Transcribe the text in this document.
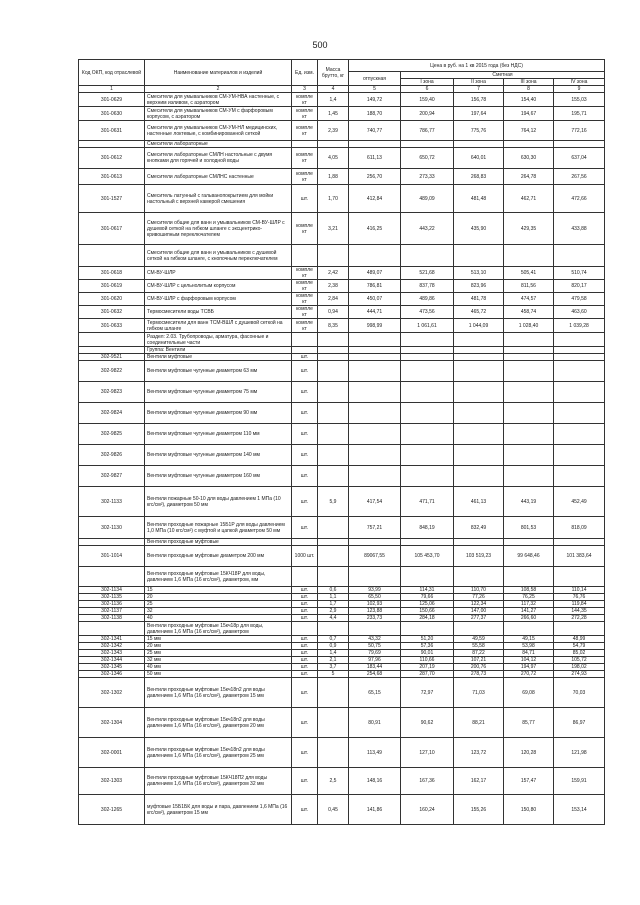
500
Код ОКП, код отраслевой	Наименование материалов и изделий	Ед. изм.	Масса брутто, кг	Цена в руб. на 1 кв 2015 года (без НДС)				
				отпускная	Сметная			
					I зона	II зона	III зона	IV зона
1	2	3	4	5	6	7	8	9
301-0629	Смесители для умывальников СМ-УМ-НВА настенные, с верхним изливом, с аэратором	компле кт	1,4	149,72	159,40	156,78	154,40	155,03
301-0630	Смесители для умывальников СМ-УМ с фарфоровым корпусом, с аэратором	компле кт	1,45	188,70	200,94	197,64	194,67	195,71
301-0631	Смесители для умывальников СМ-УМ-НЛ медицинских, настенные локтевые, с комбинированной сеткой	компле кт	2,39	740,77	786,77	775,76	764,12	772,16
	Смесители лабораторные							
301-0612	Смесители лабораторные СМЛН настольные с двумя кнопками для горячей и холодной воды	компле кт	4,05	611,13	650,72	640,01	630,30	637,04
301-0613	Смесители лабораторные СМЛНС настенные	компле кт	1,88	256,70	273,33	268,83	264,78	267,56
301-1527	Смеситель латунный с гальванопокрытием для мойки настольный с верхней камерой смешения	шт.	1,70	412,84	489,09	481,48	462,71	472,66
301-0617	Смесители общие для ванн и умывальников СМ-ВУ-ШЛР с душевой сеткой на гибком шланге с эксцентрико-кривошипным переключателем	компле кт	3,21	416,25	443,22	435,90	429,35	433,88
	Смесители общие для ванн и умывальников с душевой сеткой на гибком шланге, с кнопочным переключателем							
301-0618	СМ-ВУ-ШЛР	компле кт	2,42	489,07	521,68	513,10	505,41	510,74
301-0619	СМ-ВУ-ШЛР с цельнолитым корпусом	компле кт	2,38	786,81	837,78	823,96	811,56	820,17
301-0620	СМ-ВУ-ШЛР с фарфоровым корпусом	компле кт	2,84	450,07	489,86	481,78	474,57	479,58
301-0632	Термосмесители воды ТСВБ	компле кт	0,94	444,71	473,56	465,72	458,74	463,60
301-0633	Термосмесители для ванн ТСМ-ВШЛ с душевой сеткой на гибком шланге	компле кт	8,35	998,99	1 061,61	1 044,09	1 028,40	1 039,28
	Раздел: 2.03. Трубопроводы, арматура, фасонные и соединительные части							
	Группа: Вентили							
302-9521	Вентили муфтовые	шт.						
302-9822	Вентили муфтовые чугунные диаметром 63 мм	шт.						
302-9823	Вентили муфтовые чугунные диаметром 75 мм	шт.						
302-9824	Вентили муфтовые чугунные диаметром 90 мм	шт.						
302-9825	Вентили муфтовые чугунные диаметром 110 мм	шт.						
302-9826	Вентили муфтовые чугунные диаметром 140 мм	шт.						
302-9827	Вентили муфтовые чугунные диаметром 160 мм	шт.						
302-1133	Вентили пожарные 50-10 для воды давлением 1 МПа (10 кгс/см²), диаметром 50 мм	шт.	5,9	417,54	471,71	461,13	443,19	452,49
302-1130	Вентили проходные пожарные 15Б1Р для воды давлением 1,0 МПа (10 кгс/см²) с муфтой и цапкой диаметром 50 мм	шт.		757,21	848,19	832,49	801,53	818,09
	Вентили проходные муфтовые							
301-1014	Вентили проходные муфтовые диаметром 200 мм	1000 шт.		89067,55	105 453,70	103 519,23	99 648,46	101 383,64
	Вентили проходные муфтовые 15КЧ18Р для воды, давлением 1,6 МПа (16 кгс/см²), диаметром, мм							
302-1134	15	шт.	0,6	93,99	114,31	110,70	108,58	110,14
302-1135	20	шт.	1,1	65,50	79,66	77,26	76,25	76,76
302-1136	25	шт.	1,7	102,93	125,06	122,34	117,32	119,84
302-1137	32	шт.	2,9	123,88	150,66	147,00	141,27	144,35
302-1138	40	шт.	4,4	233,73	284,18	277,37	266,60	272,28
	Вентили проходные муфтовые 15кч18р для воды, давлением 1,6 МПа (16 кгс/см²), диаметром							
302-1341	15 мм	шт.	0,7	43,32	51,20	49,59	49,15	48,99
302-1342	20 мм	шт.	0,9	50,75	57,36	55,58	53,98	54,79
302-1343	25 мм	шт.	1,4	79,69	90,01	87,22	84,71	85,02
302-1344	32 мм	шт.	2,1	97,96	110,66	107,21	104,12	105,72
302-1345	40 мм	шт.	3,7	183,44	207,19	200,76	194,97	198,02
302-1346	50 мм	шт.	5	254,68	287,70	278,73	270,72	274,93
302-1302	Вентили проходные муфтовые 15кч18п2 для воды давлением 1,6 МПа (16 кгс/см²), диаметром 15 мм	шт.		65,15	72,97	71,03	69,08	70,03
302-1304	Вентили проходные муфтовые 15кч18п2 для воды давлением 1,6 МПа (16 кгс/см²), диаметром 20 мм	шт.		80,91	90,62	88,21	85,77	86,97
302-0001	Вентили проходные муфтовые 15кч18п2 для воды давлением 1,6 МПа (16 кгс/см²), диаметром 25 мм	шт.		113,49	127,10	123,72	120,28	121,98
302-1303	Вентили проходные муфтовые 15КЧ18П2 для воды давлением 1,6 МПа (16 кгс/см²), диаметром 32 мм	шт.	2,5	148,16	167,36	162,17	157,47	159,91
302-1265	муфтовые 15Б1БК для воды и пара, давлением 1,6 МПа (16 кгс/см²), диаметром 15 мм	шт.	0,45	141,86	160,24	155,26	150,80	153,14
